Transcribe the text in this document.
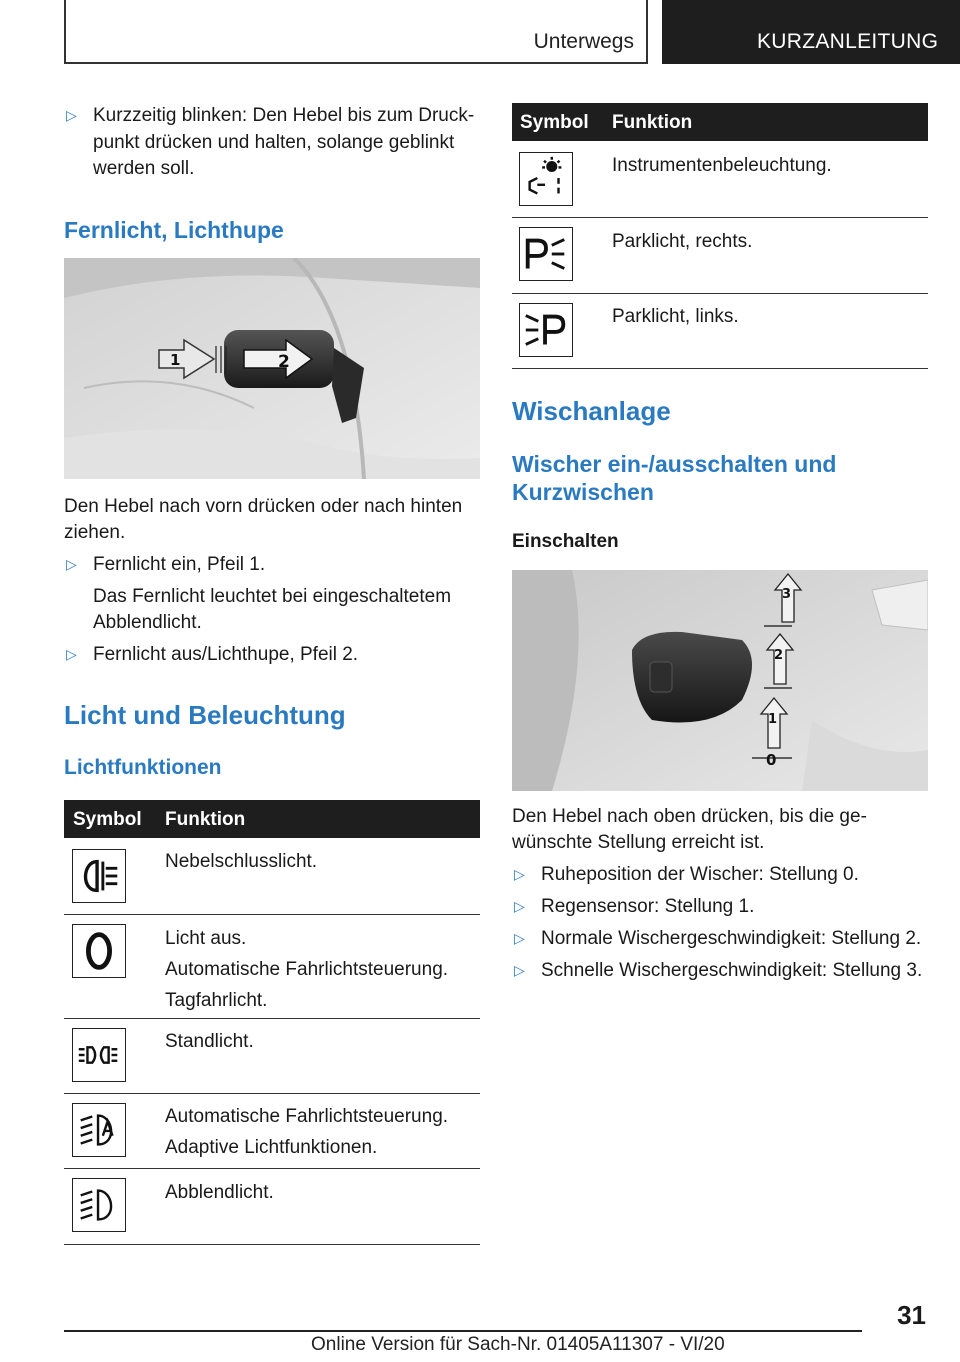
Unterwegs	KURZANLEITUNG
▷ Kurzzeitig blinken: Den Hebel bis zum Druck‐
punkt drücken und halten, solange geblinkt
werden soll.
Fernlicht, Lichthupe
2
1
Den Hebel nach vorn drücken oder nach hinten
ziehen.
▷ Fernlicht ein, Pfeil 1.
Das Fernlicht leuchtet bei eingeschaltetem
Abblendlicht.
▷ Fernlicht aus/Lichthupe, Pfeil 2.
Licht und Beleuchtung
Lichtfunktionen
Symbol Funktion
Nebelschlusslicht.
Licht aus.
Automatische Fahrlichtsteuerung.
Tagfahrlicht.
Standlicht.
Automatische Fahrlichtsteuerung.
Adaptive Lichtfunktionen.
Abblendlicht.
Symbol Funktion
Instrumentenbeleuchtung.
Parklicht, rechts.
Parklicht, links.
Wischanlage
Wischer ein-/ausschalten und
Kurzwischen
Einschalten
3
2
1
0
Den Hebel nach oben drücken, bis die ge‐
wünschte Stellung erreicht ist.
▷ Ruheposition der Wischer: Stellung 0.
▷ Regensensor: Stellung 1.
▷ Normale Wischergeschwindigkeit: Stellung 2.
▷ Schnelle Wischergeschwindigkeit: Stellung 3.
31
Online Version für Sach-Nr. 01405A11307 - VI/20
